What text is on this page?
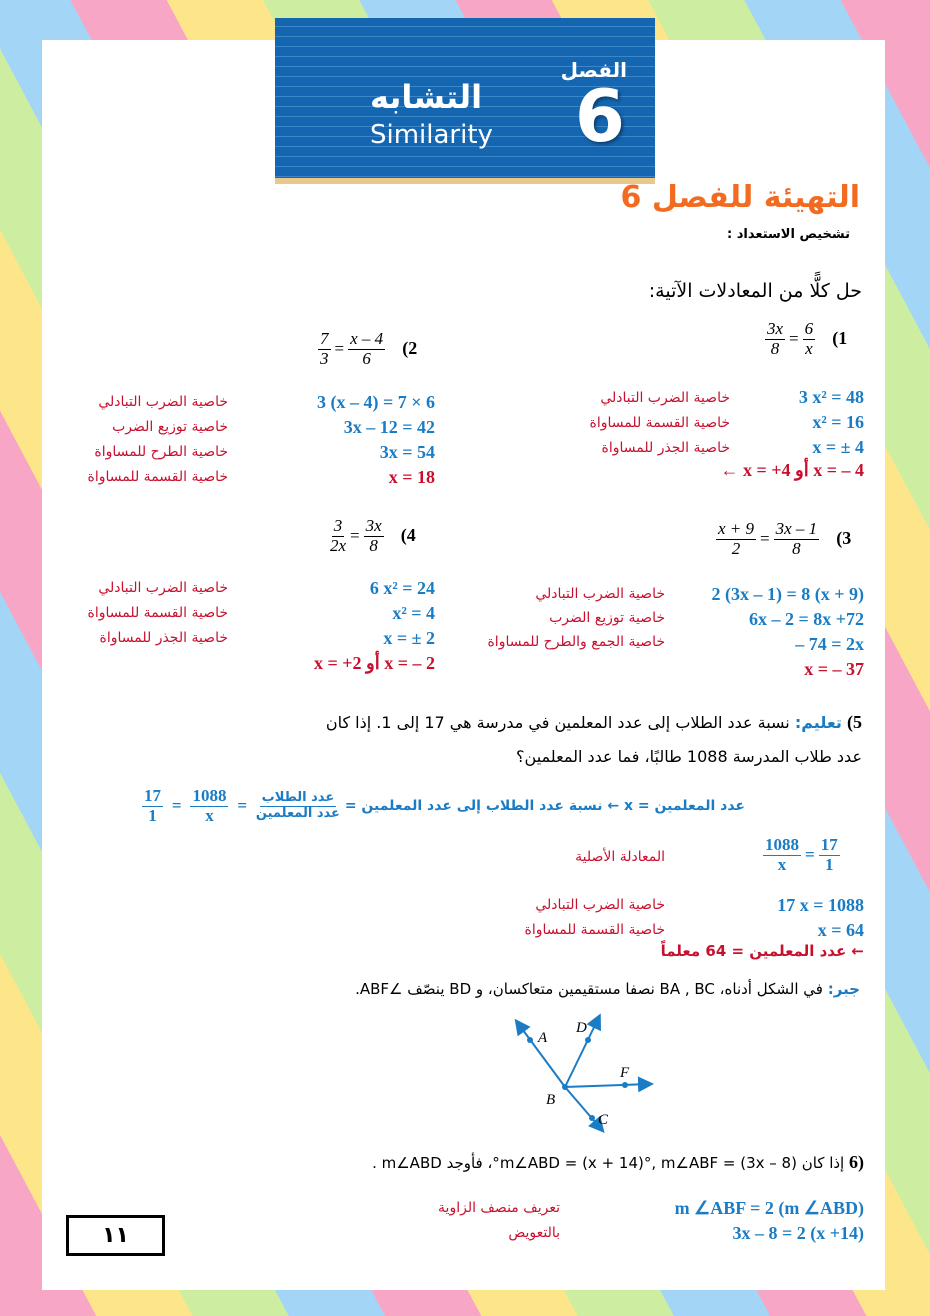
الفصل
6
التشابه
Similarity
التهيئة للفصل 6
تشخيص الاستعداد :
حل كلًّا من المعادلات الآتية:
$\frac{3x}{8} = \frac{6}{x} (1$
3 x² = 48
x² = 16
x = ± 4
خاصية الضرب التبادلي
خاصية القسمة للمساواة
خاصية الجذر للمساواة
x = – 4 أو x = +4 ←
$\frac{7}{3} = \frac{x - 4}{6} (2$
3 (x – 4) = 7 × 6
3x – 12 = 42
3x = 54
x = 18
خاصية الضرب التبادلي
خاصية توزيع الضرب
خاصية الطرح للمساواة
خاصية القسمة للمساواة
$\frac{x + 9}{2} = \frac{3x - 1}{8} (3$
2 (3x – 1) = 8 (x + 9)
6x – 2 = 8x +72
– 74 = 2x
x = – 37
خاصية الضرب التبادلي
خاصية توزيع الضرب
خاصية الجمع والطرح للمساواة
$\frac{3}{2x} = \frac{3x}{8} (4$
6 x² = 24
x² = 4
x = ± 2
x = – 2 أو x = +2
خاصية الضرب التبادلي
خاصية القسمة للمساواة
خاصية الجذر للمساواة
5) تعليم: نسبة عدد الطلاب إلى عدد المعلمين في مدرسة هي 17 إلى 1. إذا كان
عدد طلاب المدرسة 1088 طالبًا، فما عدد المعلمين؟
عدد المعلمين = x ← نسبة عدد الطلاب إلى عدد المعلمين =
$\frac{\text{عدد الطلاب}}{\text{عدد المعلمين}}$
=
$\frac{1088}{x}$
=
$\frac{17}{1}$
$\frac{1088}{x} = \frac{17}{1}$
المعادلة الأصلية
17 x = 1088
x = 64
خاصية الضرب التبادلي
خاصية القسمة للمساواة
← عدد المعلمين = 64 معلماً
جبر: في الشكل أدناه، BA , BC نصفا مستقيمين متعاكسان، و BD ينصّف ∠ABF.
A
B
C
D
F
(6 إذا كان m∠ABD = (x + 14)°, m∠ABF = (3x – 8)°، فأوجد m∠ABD .
m ∠ABF = 2 (m ∠ABD)
3x – 8 = 2 (x +14)
تعريف منصف الزاوية
بالتعويض
١١
